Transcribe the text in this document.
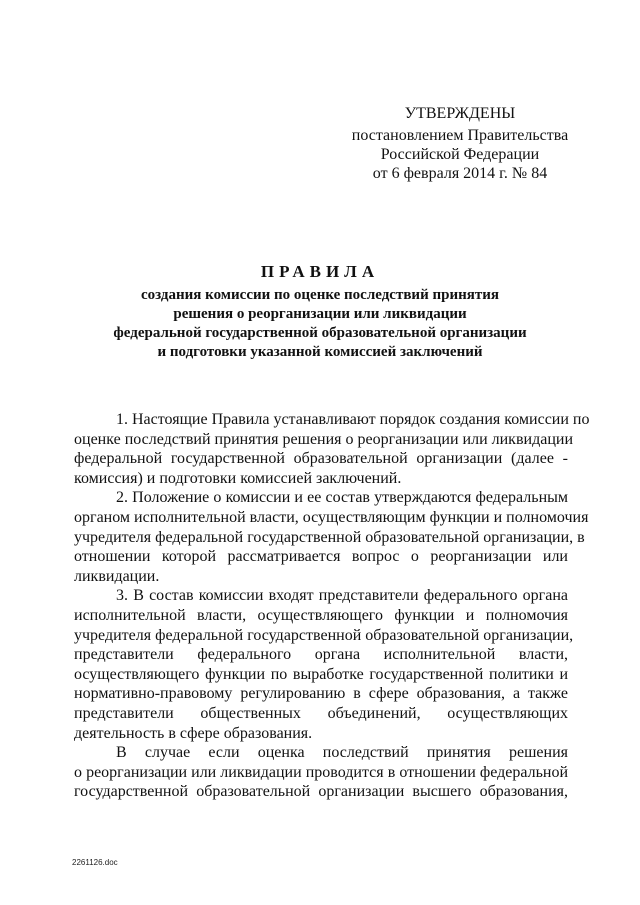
УТВЕРЖДЕНЫ
постановлением Правительства
Российской Федерации
от 6 февраля 2014 г. № 84
ПРАВИЛА
создания комиссии по оценке последствий принятия
решения о реорганизации или ликвидации
федеральной государственной образовательной организации
и подготовки указанной комиссией заключений
1. Настоящие Правила устанавливают порядок создания комиссии по
оценке последствий принятия решения о реорганизации или ликвидации
федеральной государственной образовательной организации (далее -
комиссия) и подготовки комиссией заключений.
2. Положение о комиссии и ее состав утверждаются федеральным
органом исполнительной власти, осуществляющим функции и полномочия
учредителя федеральной государственной образовательной организации, в
отношении которой рассматривается вопрос о реорганизации или
ликвидации.
3. В состав комиссии входят представители федерального органа
исполнительной власти, осуществляющего функции и полномочия
учредителя федеральной государственной образовательной организации,
представители федерального органа исполнительной власти,
осуществляющего функции по выработке государственной политики и
нормативно-правовому регулированию в сфере образования, а также
представители общественных объединений, осуществляющих
деятельность в сфере образования.
В случае если оценка последствий принятия решения
о реорганизации или ликвидации проводится в отношении федеральной
государственной образовательной организации высшего образования,
2261126.doc
